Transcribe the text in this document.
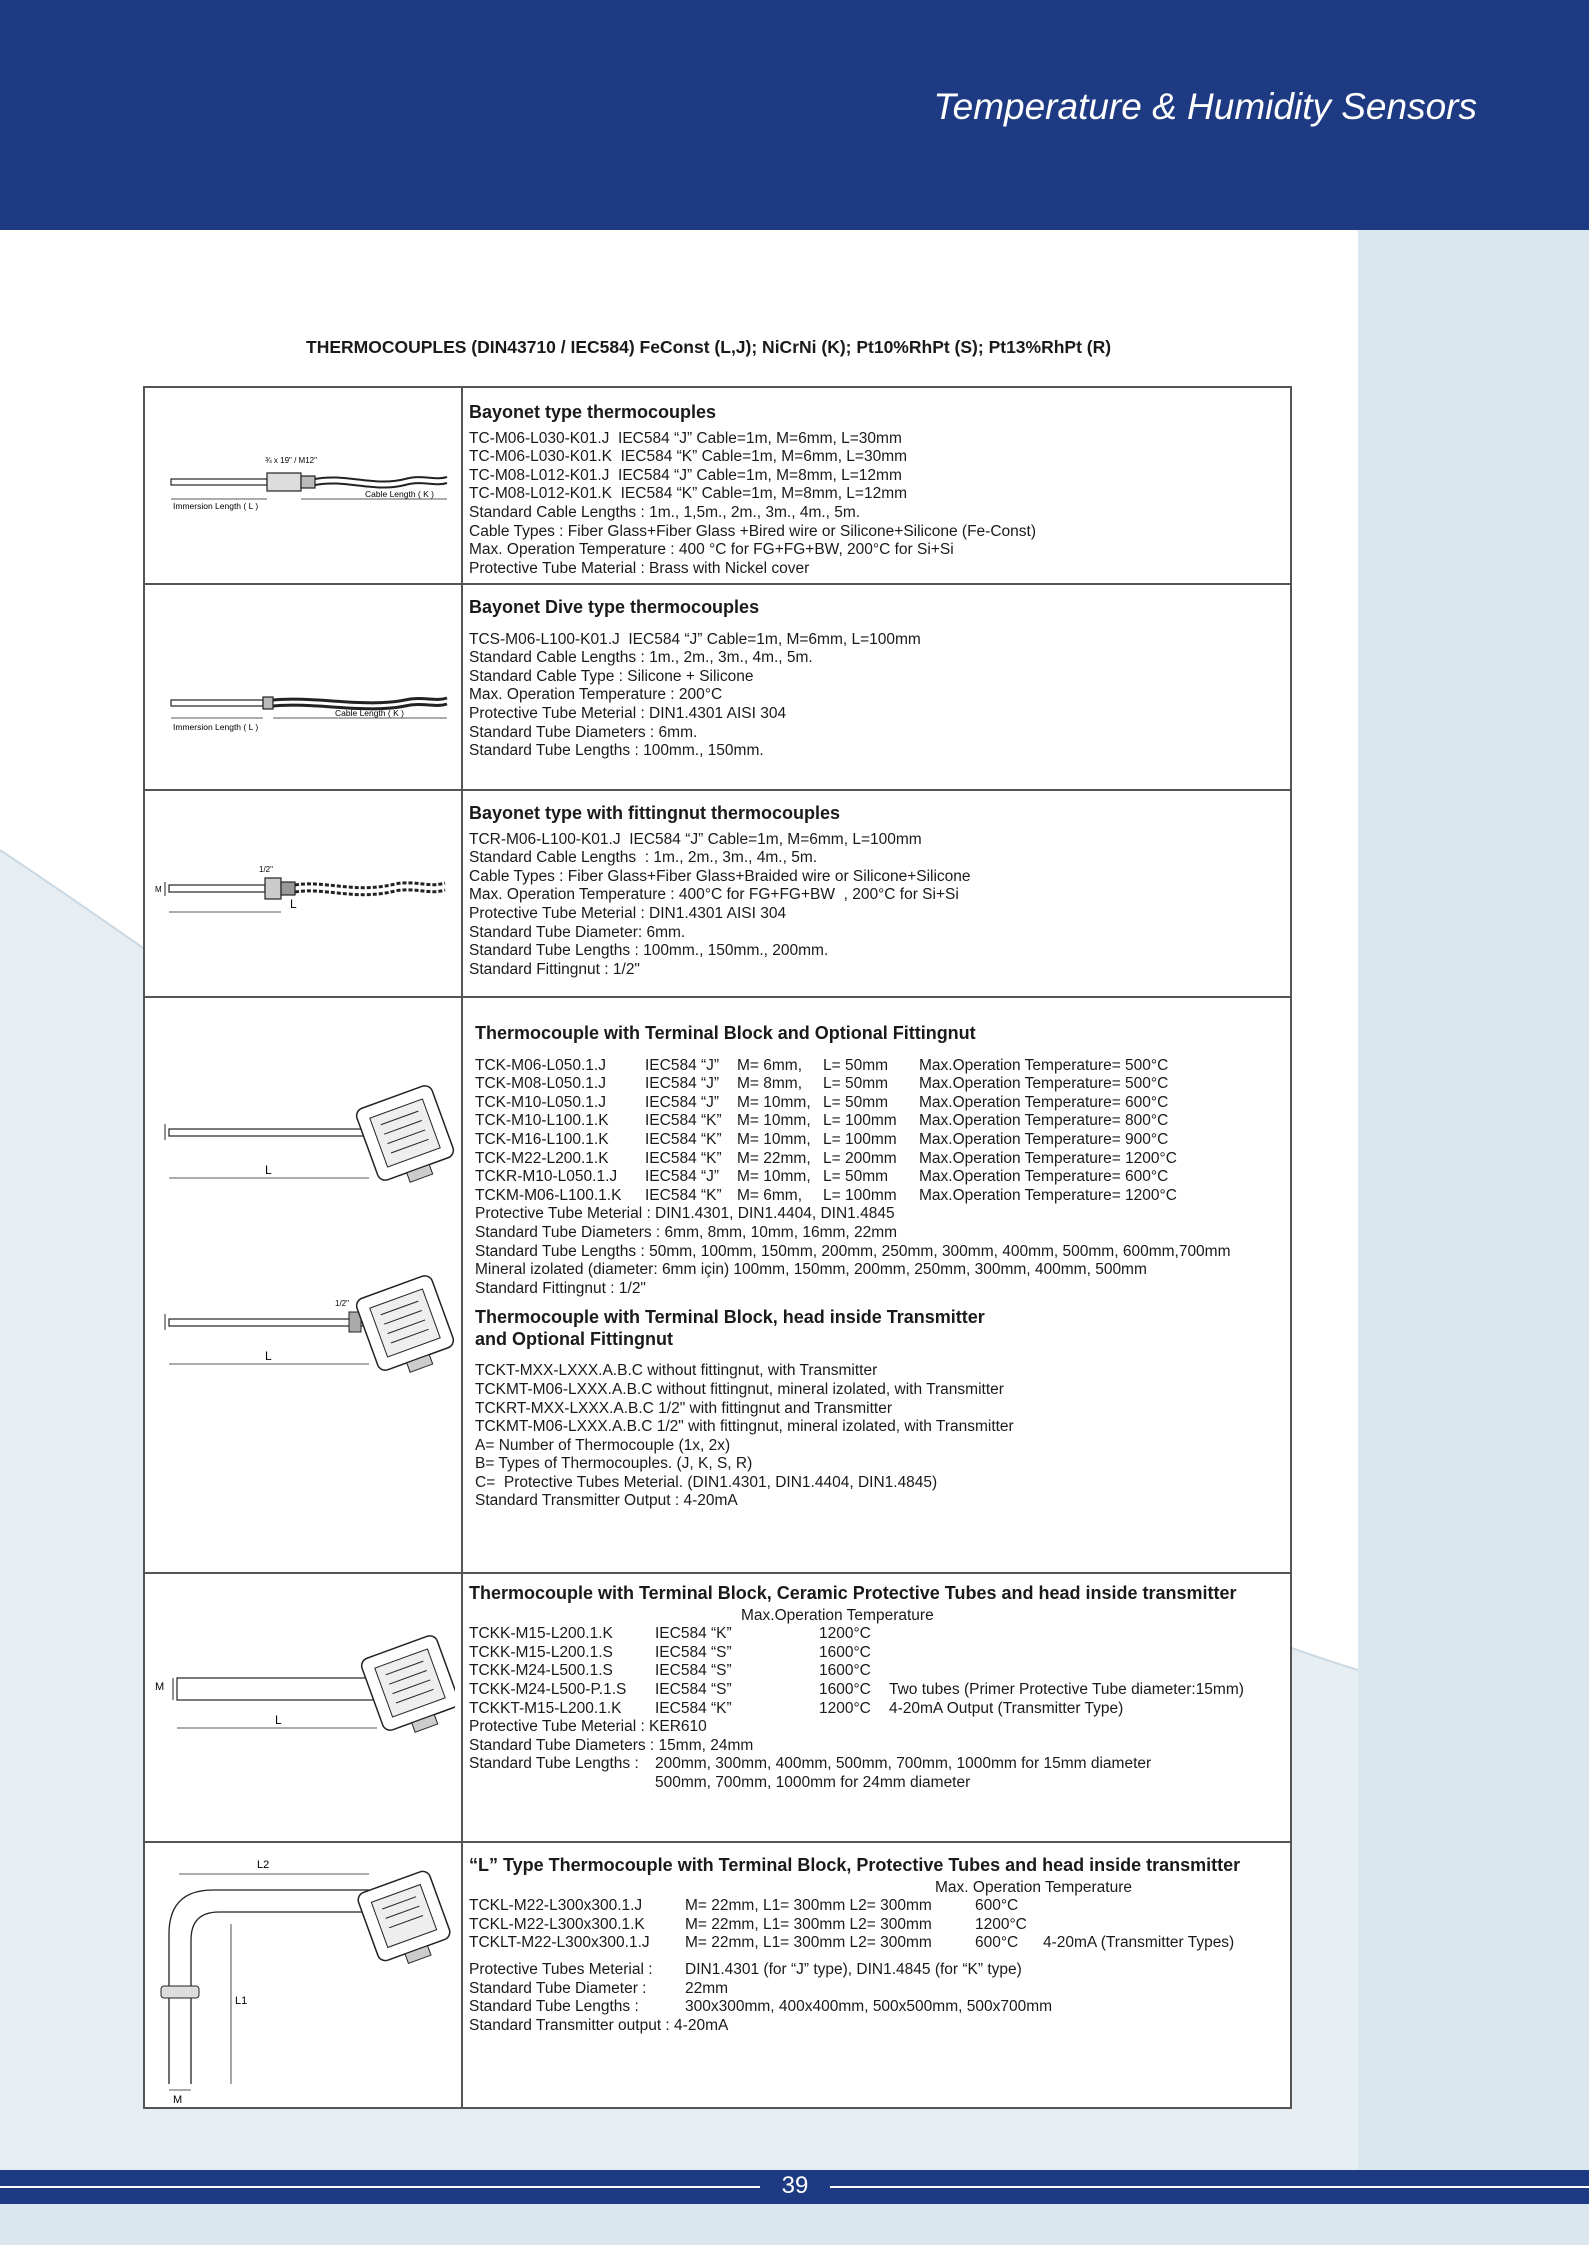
Temperature & Humidity Sensors
39
THERMOCOUPLES (DIN43710 / IEC584) FeConst (L,J); NiCrNi (K); Pt10%RhPt (S); Pt13%RhPt (R)
Immersion Length ( L )
Cable Length ( K )
¾ x 19" / M12"
Bayonet type thermocouples
TC-M06-L030-K01.J  IEC584 “J” Cable=1m, M=6mm, L=30mm
TC-M06-L030-K01.K  IEC584 “K” Cable=1m, M=6mm, L=30mm
TC-M08-L012-K01.J  IEC584 “J” Cable=1m, M=8mm, L=12mm
TC-M08-L012-K01.K  IEC584 “K” Cable=1m, M=8mm, L=12mm
Standard Cable Lengths : 1m., 1,5m., 2m., 3m., 4m., 5m.
Cable Types : Fiber Glass+Fiber Glass +Bired wire or Silicone+Silicone (Fe-Const)
Max. Operation Temperature : 400 °C for FG+FG+BW, 200°C for Si+Si
Protective Tube Material : Brass with Nickel cover
Immersion Length ( L )
Cable Length ( K )
Bayonet Dive type thermocouples
TCS-M06-L100-K01.J  IEC584 “J” Cable=1m, M=6mm, L=100mm
Standard Cable Lengths : 1m., 2m., 3m., 4m., 5m.
Standard Cable Type : Silicone + Silicone
Max. Operation Temperature : 200°C
Protective Tube Meterial : DIN1.4301 AISI 304
Standard Tube Diameters : 6mm.
Standard Tube Lengths : 100mm., 150mm.
1/2"
M
L
Bayonet type with fittingnut thermocouples
TCR-M06-L100-K01.J  IEC584 “J” Cable=1m, M=6mm, L=100mm
Standard Cable Lengths  : 1m., 2m., 3m., 4m., 5m.
Cable Types : Fiber Glass+Fiber Glass+Braided wire or Silicone+Silicone
Max. Operation Temperature : 400°C for FG+FG+BW  , 200°C for Si+Si
Protective Tube Meterial : DIN1.4301 AISI 304
Standard Tube Diameter: 6mm.
Standard Tube Lengths : 100mm., 150mm., 200mm.
Standard Fittingnut : 1/2"
L
1/2"
L
Thermocouple with Terminal Block and Optional Fittingnut
TCK-M06-L050.1.J	IEC584 “J”	M= 6mm,	L= 50mm	Max.Operation Temperature= 500°C
TCK-M08-L050.1.J	IEC584 “J”	M= 8mm,	L= 50mm	Max.Operation Temperature= 500°C
TCK-M10-L050.1.J	IEC584 “J”	M= 10mm, L= 50mm	Max.Operation Temperature= 600°C
TCK-M10-L100.1.K	IEC584 “K” M= 10mm, L= 100mm	Max.Operation Temperature= 800°C
TCK-M16-L100.1.K	IEC584 “K” M= 10mm, L= 100mm	Max.Operation Temperature= 900°C
TCK-M22-L200.1.K	IEC584 “K” M= 22mm, L= 200mm	Max.Operation Temperature= 1200°C
TCKR-M10-L050.1.J	IEC584 “J”	M= 10mm, L= 50mm	Max.Operation Temperature= 600°C
TCKM-M06-L100.1.K	IEC584 “K” M= 6mm,	L= 100mm	Max.Operation Temperature= 1200°C
Protective Tube Meterial : DIN1.4301, DIN1.4404, DIN1.4845
Standard Tube Diameters : 6mm, 8mm, 10mm, 16mm, 22mm
Standard Tube Lengths : 50mm, 100mm, 150mm, 200mm, 250mm, 300mm, 400mm, 500mm, 600mm,700mm
Mineral izolated (diameter: 6mm için) 100mm, 150mm, 200mm, 250mm, 300mm, 400mm, 500mm
Standard Fittingnut : 1/2"
Thermocouple with Terminal Block, head inside Transmitter
and Optional Fittingnut
TCKT-MXX-LXXX.A.B.C without fittingnut, with Transmitter
TCKMT-M06-LXXX.A.B.C without fittingnut, mineral izolated, with Transmitter
TCKRT-MXX-LXXX.A.B.C 1/2" with fittingnut and Transmitter
TCKMT-M06-LXXX.A.B.C 1/2" with fittingnut, mineral izolated, with Transmitter
A= Number of Thermocouple (1x, 2x)
B= Types of Thermocouples. (J, K, S, R)
C=  Protective Tubes Meterial. (DIN1.4301, DIN1.4404, DIN1.4845)
Standard Transmitter Output : 4-20mA
M
L
Thermocouple with Terminal Block, Ceramic Protective Tubes and head inside transmitter
Max.Operation Temperature
TCKK-M15-L200.1.K	IEC584 “K”	1200°C
TCKK-M15-L200.1.S	IEC584 “S”	1600°C
TCKK-M24-L500.1.S	IEC584 “S”	1600°C
TCKK-M24-L500-P.1.S	IEC584 “S”	1600°C	Two tubes (Primer Protective Tube diameter:15mm)
TCKKT-M15-L200.1.K	IEC584 “K”	1200°C	4-20mA Output (Transmitter Type)
Protective Tube Meterial : KER610
Standard Tube Diameters : 15mm, 24mm
Standard Tube Lengths :	200mm, 300mm, 400mm, 500mm, 700mm, 1000mm for 15mm diameter
500mm, 700mm, 1000mm for 24mm diameter
L2
L1
M
“L” Type Thermocouple with Terminal Block, Protective Tubes and head inside transmitter
Max. Operation Temperature
TCKL-M22-L300x300.1.J	M= 22mm, L1= 300mm L2= 300mm	600°C
TCKL-M22-L300x300.1.K	M= 22mm, L1= 300mm L2= 300mm	1200°C
TCKLT-M22-L300x300.1.J	M= 22mm, L1= 300mm L2= 300mm	600°C	4-20mA (Transmitter Types)
Protective Tubes Meterial :	DIN1.4301 (for “J” type), DIN1.4845 (for “K” type)
Standard Tube Diameter :	22mm
Standard Tube Lengths :	300x300mm, 400x400mm, 500x500mm, 500x700mm
Standard Transmitter output : 4-20mA
